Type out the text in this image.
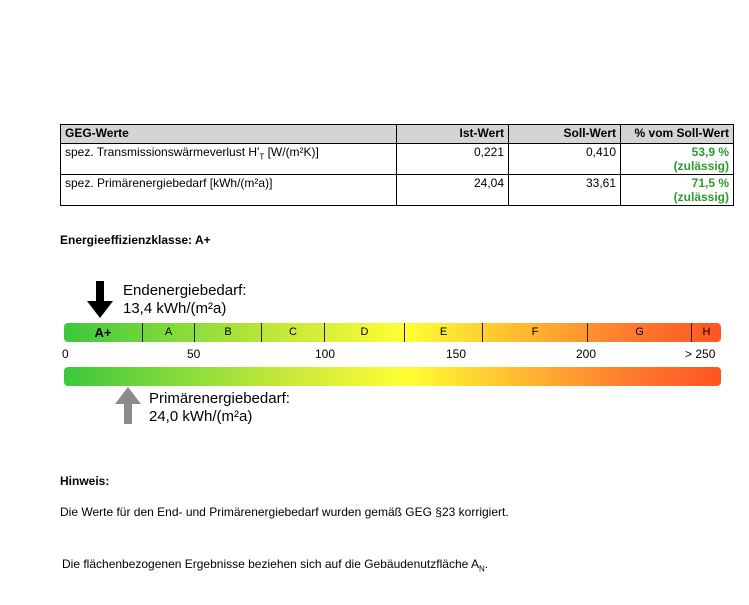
GEG-Werte	Ist-Wert	Soll-Wert	% vom Soll-Wert
spez. Transmissionswärmeverlust $H'_T$ [W/(m²K)]	0,221	0,410	53,9 %
(zulässig)
spez. Primärenergiebedarf [kWh/(m²a)]	24,04	33,61	71,5 %
(zulässig)
Energieeffizienzklasse: A+
Endenergiebedarf:
13,4 kWh/(m²a)
A+	A	B	C	D	E	F	G	H
0	50	100	150	200	> 250
Primärenergiebedarf:
24,0 kWh/(m²a)
Hinweis:
Die Werte für den End- und Primärenergiebedarf wurden gemäß GEG §23 korrigiert.
Die flächenbezogenen Ergebnisse beziehen sich auf die Gebäudenutzfläche $A_N$.
